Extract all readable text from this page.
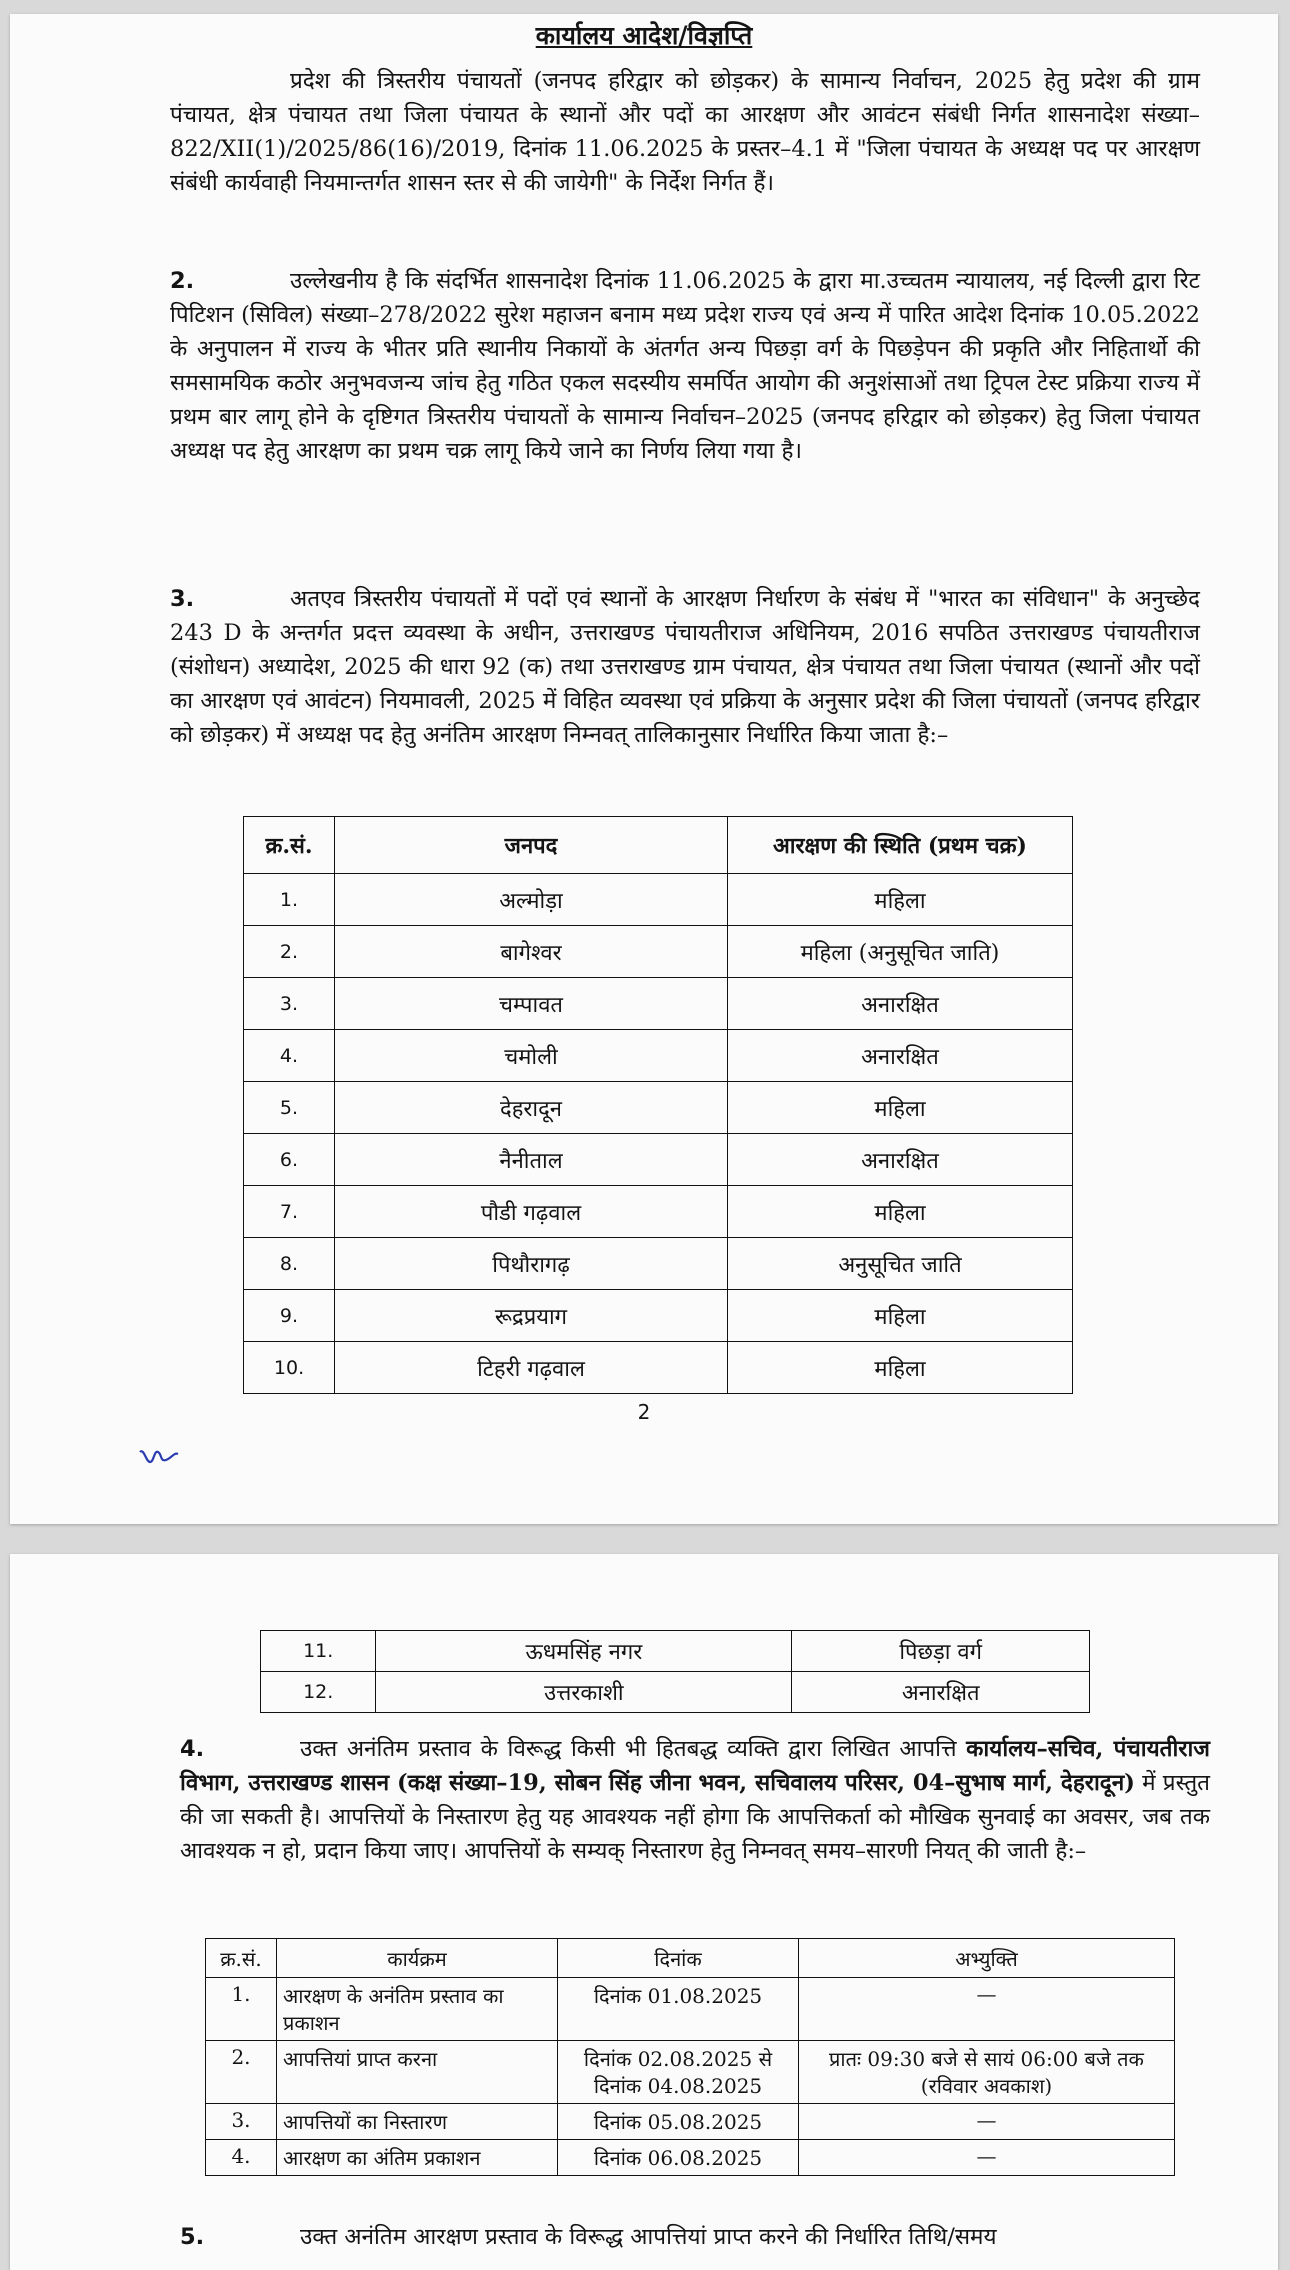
कार्यालय आदेश/विज्ञप्ति
प्रदेश की त्रिस्तरीय पंचायतों (जनपद हरिद्वार को छोड़कर) के सामान्य निर्वाचन, 2025 हेतु प्रदेश की ग्राम पंचायत, क्षेत्र पंचायत तथा जिला पंचायत के स्थानों और पदों का आरक्षण और आवंटन संबंधी निर्गत शासनादेश संख्या–822/XII(1)/2025/86(16)/2019, दिनांक 11.06.2025 के प्रस्तर–4.1 में "जिला पंचायत के अध्यक्ष पद पर आरक्षण संबंधी कार्यवाही नियमान्तर्गत शासन स्तर से की जायेगी" के निर्देश निर्गत हैं।
2.	उल्लेखनीय है कि संदर्भित शासनादेश दिनांक 11.06.2025 के द्वारा मा.उच्चतम न्यायालय, नई दिल्ली द्वारा रिट पिटिशन (सिविल) संख्या–278/2022 सुरेश महाजन बनाम मध्य प्रदेश राज्य एवं अन्य में पारित आदेश दिनांक 10.05.2022 के अनुपालन में राज्य के भीतर प्रति स्थानीय निकायों के अंतर्गत अन्य पिछड़ा वर्ग के पिछड़ेपन की प्रकृति और निहितार्थो की समसामयिक कठोर अनुभवजन्य जांच हेतु गठित एकल सदस्यीय समर्पित आयोग की अनुशंसाओं तथा ट्रिपल टेस्ट प्रक्रिया राज्य में प्रथम बार लागू होने के दृष्टिगत त्रिस्तरीय पंचायतों के सामान्य निर्वाचन–2025 (जनपद हरिद्वार को छोड़कर) हेतु जिला पंचायत अध्यक्ष पद हेतु आरक्षण का प्रथम चक्र लागू किये जाने का निर्णय लिया गया है।
3.	अतएव त्रिस्तरीय पंचायतों में पदों एवं स्थानों के आरक्षण निर्धारण के संबंध में "भारत का संविधान" के अनुच्छेद 243 D के अन्तर्गत प्रदत्त व्यवस्था के अधीन, उत्तराखण्ड पंचायतीराज अधिनियम, 2016 सपठित उत्तराखण्ड पंचायतीराज (संशोधन) अध्यादेश, 2025 की धारा 92 (क) तथा उत्तराखण्ड ग्राम पंचायत, क्षेत्र पंचायत तथा जिला पंचायत (स्थानों और पदों का आरक्षण एवं आवंटन) नियमावली, 2025 में विहित व्यवस्था एवं प्रक्रिया के अनुसार प्रदेश की जिला पंचायतों (जनपद हरिद्वार को छोड़कर) में अध्यक्ष पद हेतु अनंतिम आरक्षण निम्नवत् तालिकानुसार निर्धारित किया जाता है:–
क्र.सं.	जनपद	आरक्षण की स्थिति (प्रथम चक्र)
1.	अल्मोड़ा	महिला
2.	बागेश्वर	महिला (अनुसूचित जाति)
3.	चम्पावत	अनारक्षित
4.	चमोली	अनारक्षित
5.	देहरादून	महिला
6.	नैनीताल	अनारक्षित
7.	पौडी गढ़वाल	महिला
8.	पिथौरागढ़	अनुसूचित जाति
9.	रूद्रप्रयाग	महिला
10.	टिहरी गढ़वाल	महिला
2
11.	ऊधमसिंह नगर	पिछड़ा वर्ग
12.	उत्तरकाशी	अनारक्षित
4.	उक्त अनंतिम प्रस्ताव के विरूद्ध किसी भी हितबद्ध व्यक्ति द्वारा लिखित आपत्ति कार्यालय–सचिव, पंचायतीराज विभाग, उत्तराखण्ड शासन (कक्ष संख्या–19, सोबन सिंह जीना भवन, सचिवालय परिसर, 04–सुभाष मार्ग, देहरादून) में प्रस्तुत की जा सकती है। आपत्तियों के निस्तारण हेतु यह आवश्यक नहीं होगा कि आपत्तिकर्ता को मौखिक सुनवाई का अवसर, जब तक आवश्यक न हो, प्रदान किया जाए। आपत्तियों के सम्यक् निस्तारण हेतु निम्नवत् समय–सारणी नियत् की जाती है:–
क्र.सं.	कार्यक्रम	दिनांक	अभ्युक्ति
1.	आरक्षण के अनंतिम प्रस्ताव का प्रकाशन	दिनांक 01.08.2025	—
2.	आपत्तियां प्राप्त करना	दिनांक 02.08.2025 से दिनांक 04.08.2025	प्रातः 09:30 बजे से सायं 06:00 बजे तक (रविवार अवकाश)
3.	आपत्तियों का निस्तारण	दिनांक 05.08.2025	—
4.	आरक्षण का अंतिम प्रकाशन	दिनांक 06.08.2025	—
5.	उक्त अनंतिम आरक्षण प्रस्ताव के विरूद्ध आपत्तियां प्राप्त करने की निर्धारित तिथि/समय
